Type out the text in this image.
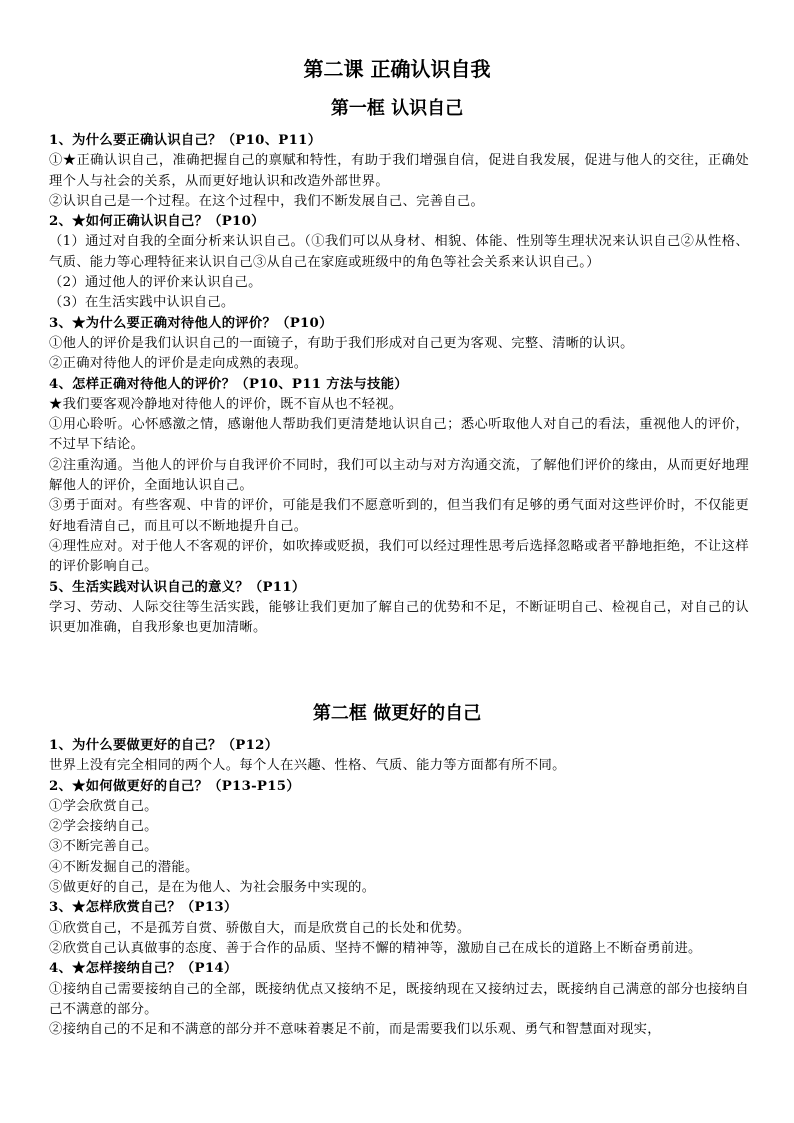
第二课 正确认识自我
第一框 认识自己

1、为什么要正确认识自己？（P10、P11）

①★正确认识自己，准确把握自己的禀赋和特性，有助于我们增强自信，促进自我发展，促进与他人的交往，正确处理个人与社会的关系，从而更好地认识和改造外部世界。

②认识自己是一个过程。在这个过程中，我们不断发展自己、完善自己。

2、★如何正确认识自己？（P10）

（1）通过对自我的全面分析来认识自己。（①我们可以从身材、相貌、体能、性别等生理状况来认识自己②从性格、气质、能力等心理特征来认识自己③从自己在家庭或班级中的角色等社会关系来认识自己。）

（2）通过他人的评价来认识自己。

（3）在生活实践中认识自己。

3、★为什么要正确对待他人的评价？（P10）

①他人的评价是我们认识自己的一面镜子，有助于我们形成对自己更为客观、完整、清晰的认识。

②正确对待他人的评价是走向成熟的表现。

4、怎样正确对待他人的评价？（P10、P11 方法与技能）

★我们要客观冷静地对待他人的评价，既不盲从也不轻视。

①用心聆听。心怀感激之情，感谢他人帮助我们更清楚地认识自己；悉心听取他人对自己的看法，重视他人的评价，不过早下结论。

②注重沟通。当他人的评价与自我评价不同时，我们可以主动与对方沟通交流，了解他们评价的缘由，从而更好地理解他人的评价，全面地认识自己。

③勇于面对。有些客观、中肯的评价，可能是我们不愿意听到的，但当我们有足够的勇气面对这些评价时，不仅能更好地看清自己，而且可以不断地提升自己。

④理性应对。对于他人不客观的评价，如吹捧或贬损，我们可以经过理性思考后选择忽略或者平静地拒绝，不让这样的评价影响自己。

5、生活实践对认识自己的意义？（P11）

学习、劳动、人际交往等生活实践，能够让我们更加了解自己的优势和不足，不断证明自己、检视自己，对自己的认识更加准确，自我形象也更加清晰。

第二框 做更好的自己

1、为什么要做更好的自己？（P12）

世界上没有完全相同的两个人。每个人在兴趣、性格、气质、能力等方面都有所不同。

2、★如何做更好的自己？（P13-P15）

①学会欣赏自己。

②学会接纳自己。

③不断完善自己。

④不断发掘自己的潜能。

⑤做更好的自己，是在为他人、为社会服务中实现的。

3、★怎样欣赏自己？（P13）

①欣赏自己，不是孤芳自赏、骄傲自大，而是欣赏自己的长处和优势。

②欣赏自己认真做事的态度、善于合作的品质、坚持不懈的精神等，激励自己在成长的道路上不断奋勇前进。

4、★怎样接纳自己？（P14）

①接纳自己需要接纳自己的全部，既接纳优点又接纳不足，既接纳现在又接纳过去，既接纳自己满意的部分也接纳自己不满意的部分。

②接纳自己的不足和不满意的部分并不意味着裹足不前，而是需要我们以乐观、勇气和智慧面对现实，
